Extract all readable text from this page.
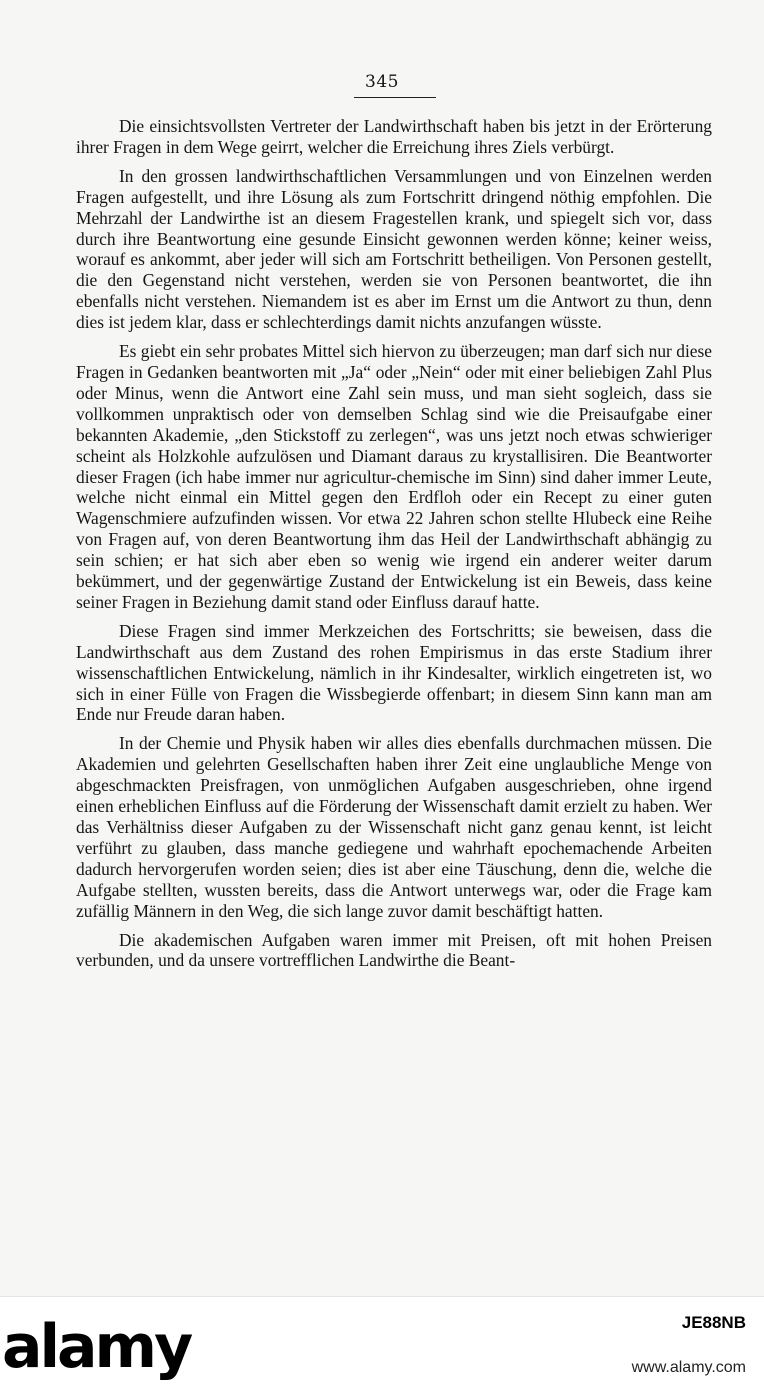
345

Die einsichtsvollsten Vertreter der Landwirthschaft haben bis jetzt in der Erörterung ihrer Fragen in dem Wege geirrt, welcher die Erreichung ihres Ziels verbürgt.

In den grossen landwirthschaftlichen Versammlungen und von Einzelnen werden Fragen aufgestellt, und ihre Lösung als zum Fortschritt dringend nöthig empfohlen. Die Mehrzahl der Landwirthe ist an diesem Fragestellen krank, und spiegelt sich vor, dass durch ihre Beantwortung eine gesunde Einsicht gewonnen werden könne; keiner weiss, worauf es ankommt, aber jeder will sich am Fortschritt betheiligen. Von Personen gestellt, die den Gegenstand nicht verstehen, werden sie von Personen beantwortet, die ihn ebenfalls nicht verstehen. Niemandem ist es aber im Ernst um die Antwort zu thun, denn dies ist jedem klar, dass er schlechterdings damit nichts anzufangen wüsste.

Es giebt ein sehr probates Mittel sich hiervon zu überzeugen; man darf sich nur diese Fragen in Gedanken beantworten mit „Ja“ oder „Nein“ oder mit einer beliebigen Zahl Plus oder Minus, wenn die Antwort eine Zahl sein muss, und man sieht sogleich, dass sie vollkommen unpraktisch oder von demselben Schlag sind wie die Preisaufgabe einer bekannten Akademie, „den Stickstoff zu zerlegen“, was uns jetzt noch etwas schwieriger scheint als Holzkohle aufzulösen und Diamant daraus zu krystallisiren. Die Beantworter dieser Fragen (ich habe immer nur agricultur-chemische im Sinn) sind daher immer Leute, welche nicht einmal ein Mittel gegen den Erdfloh oder ein Recept zu einer guten Wagenschmiere aufzufinden wissen. Vor etwa 22 Jahren schon stellte Hlubeck eine Reihe von Fragen auf, von deren Beantwortung ihm das Heil der Landwirthschaft abhängig zu sein schien; er hat sich aber eben so wenig wie irgend ein anderer weiter darum bekümmert, und der gegenwärtige Zustand der Entwickelung ist ein Beweis, dass keine seiner Fragen in Beziehung damit stand oder Einfluss darauf hatte.

Diese Fragen sind immer Merkzeichen des Fortschritts; sie beweisen, dass die Landwirthschaft aus dem Zustand des rohen Empirismus in das erste Stadium ihrer wissenschaftlichen Entwickelung, nämlich in ihr Kindesalter, wirklich eingetreten ist, wo sich in einer Fülle von Fragen die Wissbegierde offenbart; in diesem Sinn kann man am Ende nur Freude daran haben.

In der Chemie und Physik haben wir alles dies ebenfalls durchmachen müssen. Die Akademien und gelehrten Gesellschaften haben ihrer Zeit eine unglaubliche Menge von abgeschmackten Preisfragen, von unmöglichen Aufgaben ausgeschrieben, ohne irgend einen erheblichen Einfluss auf die Förderung der Wissenschaft damit erzielt zu haben. Wer das Verhältniss dieser Aufgaben zu der Wissenschaft nicht ganz genau kennt, ist leicht verführt zu glauben, dass manche gediegene und wahrhaft epochemachende Arbeiten dadurch hervorgerufen worden seien; dies ist aber eine Täuschung, denn die, welche die Aufgabe stellten, wussten bereits, dass die Antwort unterwegs war, oder die Frage kam zufällig Männern in den Weg, die sich lange zuvor damit beschäftigt hatten.

Die akademischen Aufgaben waren immer mit Preisen, oft mit hohen Preisen verbunden, und da unsere vortrefflichen Landwirthe die Beant-

alamy	JE88NB
www.alamy.com
